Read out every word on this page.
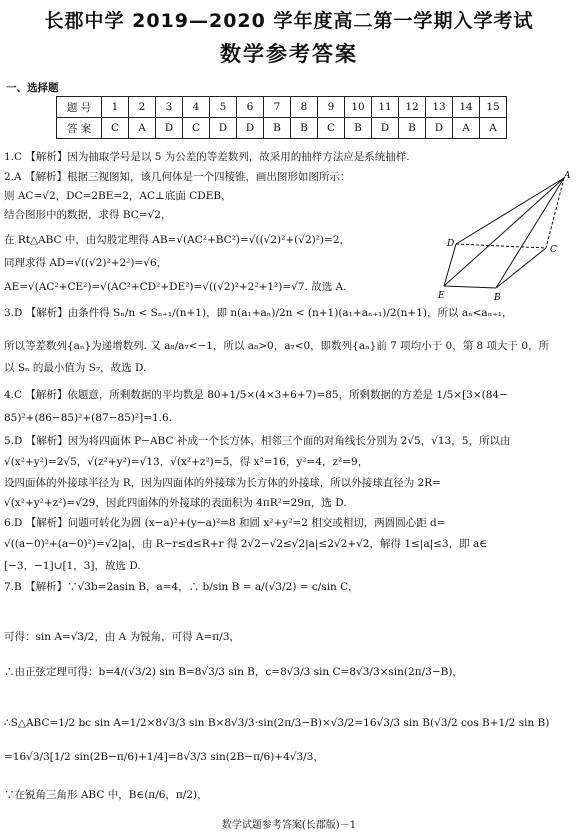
长郡中学 2019—2020 学年度高二第一学期入学考试
数学参考答案
一、选择题
题 号	1	2	3	4	5	6	7	8	9	10	11	12	13	14	15
答 案	C	A	D	C	D	D	B	B	C	B	D	B	D	A	A
1.C 【解析】因为抽取学号是以 5 为公差的等差数列，故采用的抽样方法应是系统抽样.
2.A 【解析】根据三视图知，该几何体是一个四棱锥，画出图形如图所示：
则 AC=√2，DC=2BE=2，AC⊥底面 CDEB，
结合图形中的数据，求得 BC=√2，
在 Rt△ABC 中，由勾股定理得 AB=√(AC²+BC²)=√((√2)²+(√2)²)=2，
同理求得 AD=√((√2)²+2²)=√6，
AE=√(AC²+CE²)=√(AC²+CD²+DE²)=√((√2)²+2²+1²)=√7. 故选 A.
3.D 【解析】由条件得 Sₙ/n < Sₙ₊₁/(n+1)，即 n(a₁+aₙ)/2n < (n+1)(a₁+aₙ₊₁)/2(n+1)，所以 aₙ<aₙ₊₁，
所以等差数列{aₙ}为递增数列. 又 a₈/a₇<−1，所以 a₈>0，a₇<0，即数列{aₙ}前 7 项均小于 0，第 8 项大于 0，所
以 Sₙ 的最小值为 S₇，故选 D.
4.C 【解析】依题意，所剩数据的平均数是 80+1/5×(4×3+6+7)=85，所剩数据的方差是 1/5×[3×(84−
85)²+(86−85)²+(87−85)²]=1.6.
5.D 【解析】因为将四面体 P−ABC 补成一个长方体，相邻三个面的对角线长分别为 2√5，√13，5，所以由
√(x²+y²)=2√5，√(z²+y²)=√13，√(x²+z²)=5，得 x²=16，y²=4，z²=9，
设四面体的外接球半径为 R，因为四面体的外接球为长方体的外接球，所以外接球直径为 2R=
√(x²+y²+z²)=√29，因此四面体的外接球的表面积为 4πR²=29π，选 D.
6.D 【解析】问题可转化为圆 (x−a)²+(y−a)²=8 和圆 x²+y²=2 相交或相切，两圆圆心距 d=
√((a−0)²+(a−0)²)=√2|a|，由 R−r≤d≤R+r 得 2√2−√2≤√2|a|≤2√2+√2，解得 1≤|a|≤3，即 a∈
[−3，−1]∪[1，3]，故选 D.
7.B 【解析】∵√3b=2asin B，a=4，∴ b/sin B = a/(√3/2) = c/sin C，
可得：sin A=√3/2，由 A 为锐角，可得 A=π/3，
∴由正弦定理可得：b=4/(√3/2) sin B=8√3/3 sin B，c=8√3/3 sin C=8√3/3×sin(2π/3−B)，
∴S△ABC=1/2 bc sin A=1/2×8√3/3 sin B×8√3/3·sin(2π/3−B)×√3/2=16√3/3 sin B(√3/2 cos B+1/2 sin B)
=16√3/3[1/2 sin(2B−π/6)+1/4]=8√3/3 sin(2B−π/6)+4√3/3，
∵在锐角三角形 ABC 中，B∈(π/6，π/2)，
A
C
D
E	B
数学试题参考答案(长郡版)－1
